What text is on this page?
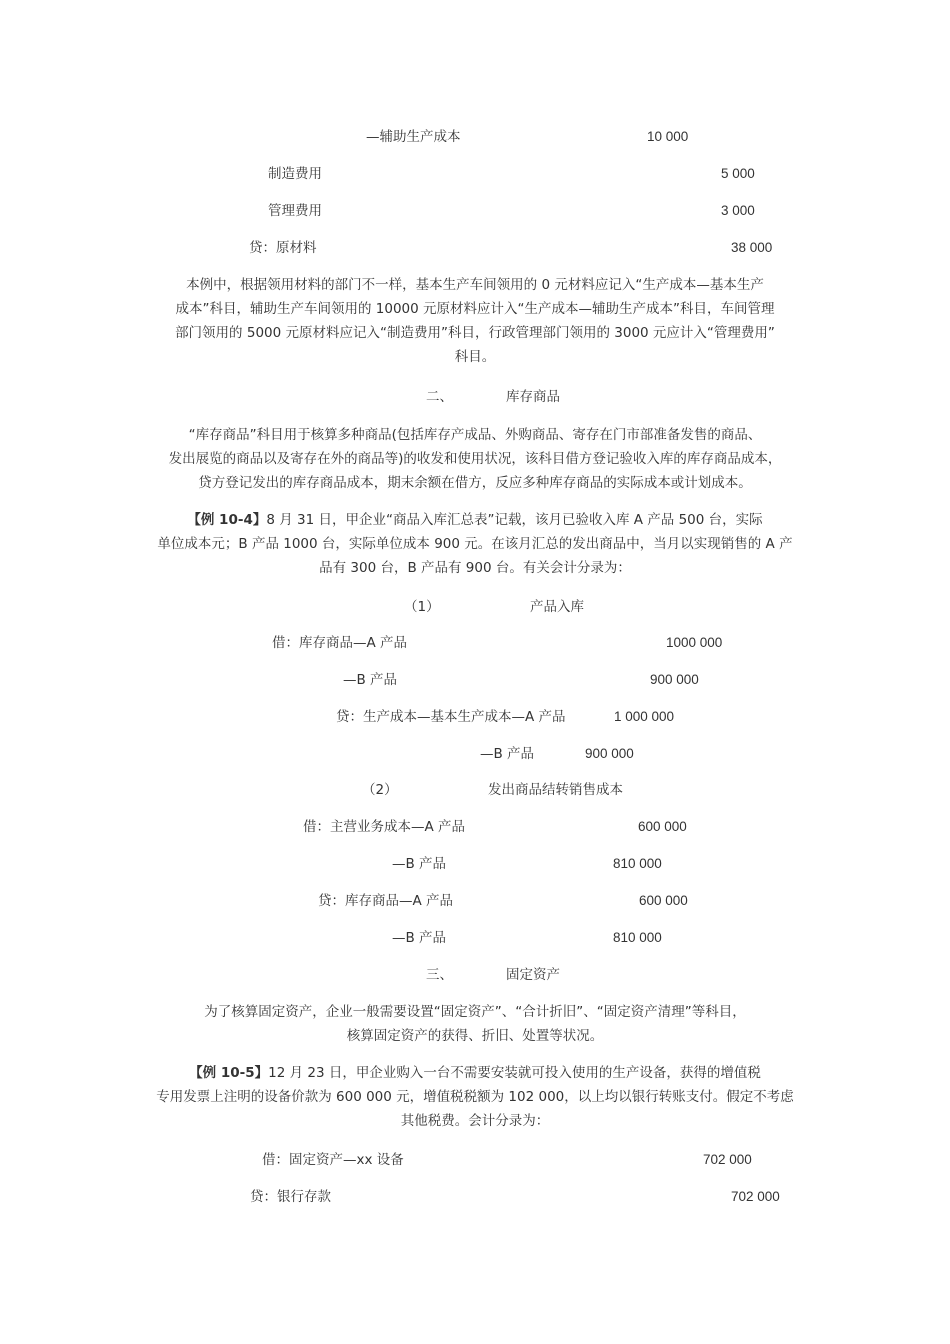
—辅助生产成本	10 000
制造费用	5 000
管理费用	3 000
贷：原材料	38 000
本例中，根据领用材料的部门不一样，基本生产车间领用的 0 元材料应记入“生产成本—基本生产
成本”科目，辅助生产车间领用的 10000 元原材料应计入“生产成本—辅助生产成本”科目，车间管理
部门领用的 5000 元原材料应记入“制造费用”科目，行政管理部门领用的 3000 元应计入“管理费用”
科目。
二、	库存商品
“库存商品”科目用于核算多种商品(包括库存产成品、外购商品、寄存在门市部准备发售的商品、
发出展览的商品以及寄存在外的商品等)的收发和使用状况，该科目借方登记验收入库的库存商品成本，
贷方登记发出的库存商品成本，期末余额在借方，反应多种库存商品的实际成本或计划成本。
【例 10-4】8 月 31 日，甲企业“商品入库汇总表”记载，该月已验收入库 A 产品 500 台，实际
单位成本元；B 产品 1000 台，实际单位成本 900 元。在该月汇总的发出商品中，当月以实现销售的 A 产
品有 300 台，B 产品有 900 台。有关会计分录为：
（1）	产品入库
借：库存商品—A 产品	1000 000
—B 产品	900 000
贷：生产成本—基本生产成本—A 产品	1 000 000
—B 产品	900 000
（2）	发出商品结转销售成本
借：主营业务成本—A 产品	600 000
—B 产品	810 000
贷：库存商品—A 产品	600 000
—B 产品	810 000
三、	固定资产
为了核算固定资产，企业一般需要设置“固定资产”、“合计折旧”、“固定资产清理”等科目，
核算固定资产的获得、折旧、处置等状况。
【例 10-5】12 月 23 日，甲企业购入一台不需要安装就可投入使用的生产设备，获得的增值税
专用发票上注明的设备价款为 600 000 元，增值税税额为 102 000，以上均以银行转账支付。假定不考虑
其他税费。会计分录为：
借：固定资产—xx 设备	702 000
贷：银行存款	702 000
